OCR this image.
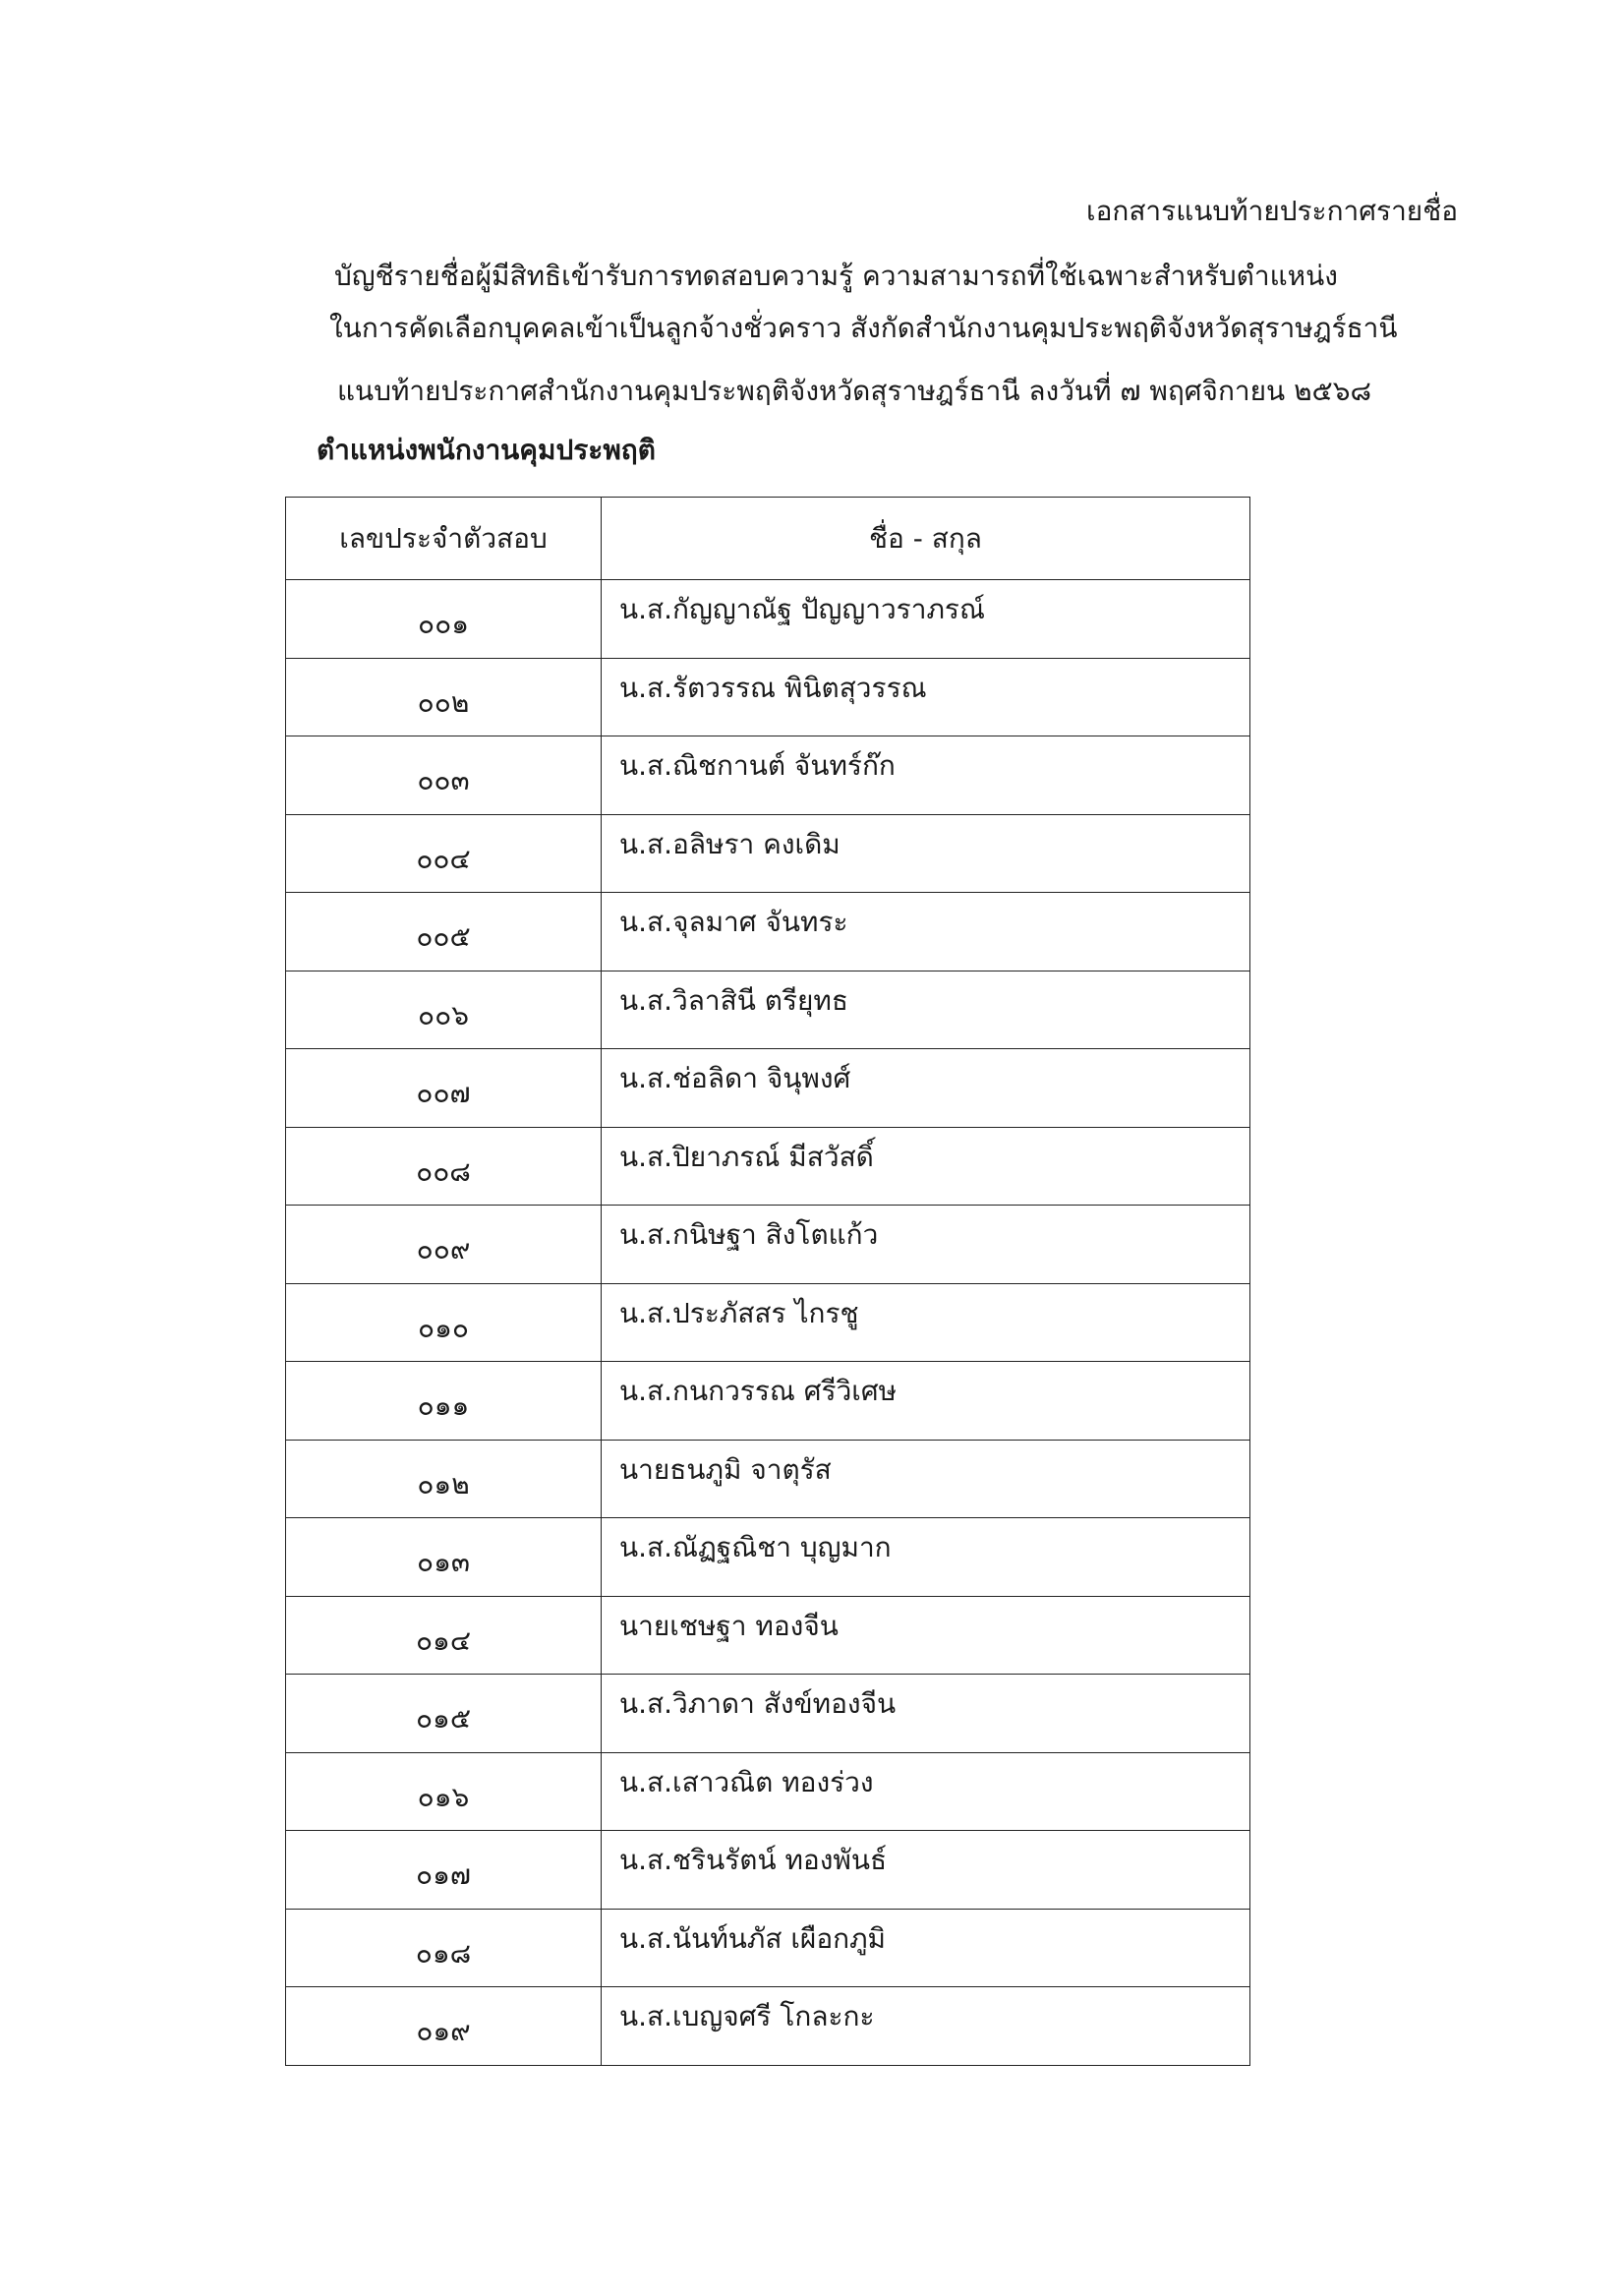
เอกสารแนบท้ายประกาศรายชื่อ
บัญชีรายชื่อผู้มีสิทธิเข้ารับการทดสอบความรู้ ความสามารถที่ใช้เฉพาะสำหรับตำแหน่ง
ในการคัดเลือกบุคคลเข้าเป็นลูกจ้างชั่วคราว สังกัดสำนักงานคุมประพฤติจังหวัดสุราษฎร์ธานี
แนบท้ายประกาศสำนักงานคุมประพฤติจังหวัดสุราษฎร์ธานี ลงวันที่ ๗ พฤศจิกายน ๒๕๖๘
ตำแหน่งพนักงานคุมประพฤติ
เลขประจำตัวสอบ	ชื่อ - สกุล

๐๐๑	น.ส.กัญญาณัฐ ปัญญาวราภรณ์

๐๐๒	น.ส.รัตวรรณ พินิตสุวรรณ

๐๐๓	น.ส.ณิชกานต์ จันทร์ก๊ก

๐๐๔	น.ส.อลิษรา คงเดิม

๐๐๕	น.ส.จุลมาศ จันทระ

๐๐๖	น.ส.วิลาสินี ตรียุทธ

๐๐๗	น.ส.ช่อลิดา จินุพงศ์

๐๐๘	น.ส.ปิยาภรณ์ มีสวัสดิ์

๐๐๙	น.ส.กนิษฐา สิงโตแก้ว

๐๑๐	น.ส.ประภัสสร ไกรชู

๐๑๑	น.ส.กนกวรรณ ศรีวิเศษ

๐๑๒	นายธนภูมิ จาตุรัส

๐๑๓	น.ส.ณัฏฐณิชา บุญมาก

๐๑๔	นายเชษฐา ทองจีน

๐๑๕	น.ส.วิภาดา สังข์ทองจีน

๐๑๖	น.ส.เสาวณิต ทองร่วง

๐๑๗	น.ส.ชรินรัตน์ ทองพันธ์

๐๑๘	น.ส.นันท์นภัส เผือกภูมิ

๐๑๙	น.ส.เบญจศรี โกละกะ
